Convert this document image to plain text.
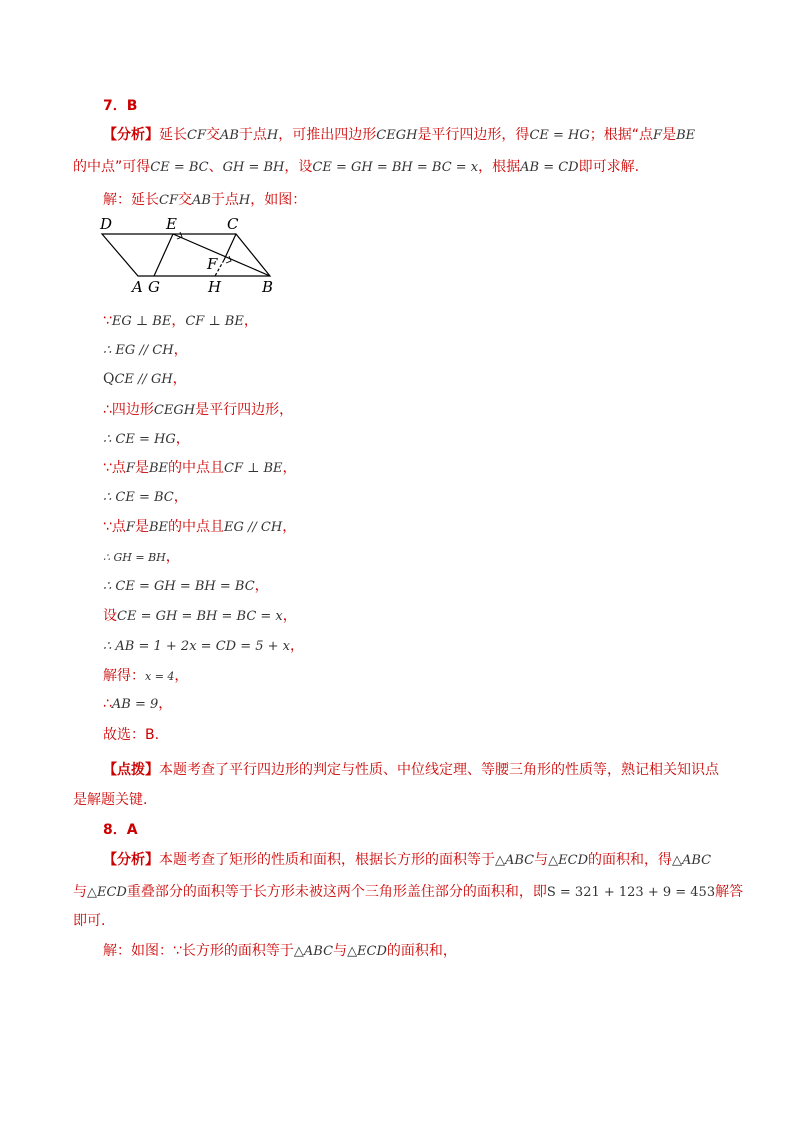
7．B
【分析】延长CF交AB于点H，可推出四边形CEGH是平行四边形，得CE = HG；根据“点F是BE
的中点”可得CE = BC、GH = BH，设CE = GH = BH = BC = x，根据AB = CD即可求解.
解：延长CF交AB于点H，如图：
D	E	C
F
A G	H	B
∵EG ⊥ BE，CF ⊥ BE，
∴ EG // CH，
QCE // GH，
∴四边形CEGH是平行四边形，
∴ CE = HG，
∵点F是BE的中点且CF ⊥ BE，
∴ CE = BC，
∵点F是BE的中点且EG // CH，
∴ GH = BH，
∴ CE = GH = BH = BC，
设CE = GH = BH = BC = x，
∴ AB = 1 + 2x = CD = 5 + x，
解得：x = 4，
∴AB = 9，
故选：B.
【点拨】本题考查了平行四边形的判定与性质、中位线定理、等腰三角形的性质等，熟记相关知识点
是解题关键.
8．A
【分析】本题考查了矩形的性质和面积，根据长方形的面积等于△ABC与△ECD的面积和，得△ABC
与△ECD重叠部分的面积等于长方形未被这两个三角形盖住部分的面积和，即S = 321 + 123 + 9 = 453解答
即可.
解：如图：∵长方形的面积等于△ABC与△ECD的面积和，
